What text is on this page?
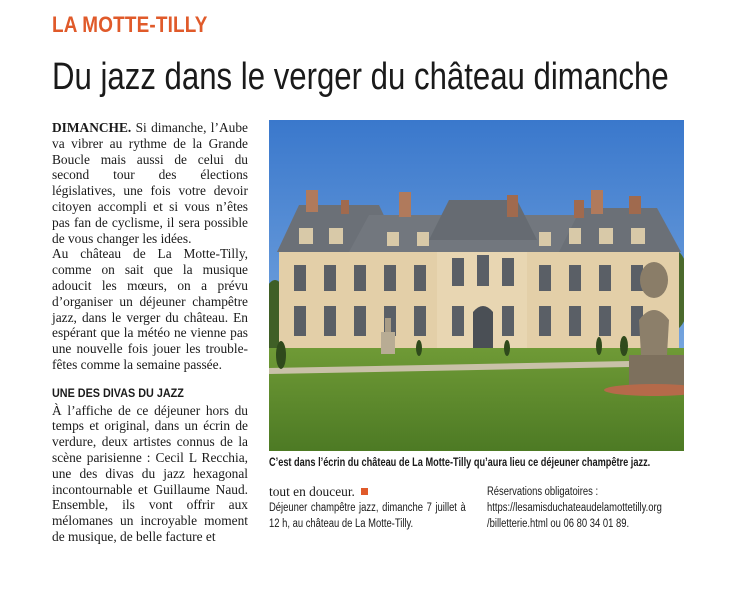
LA MOTTE-TILLY
Du jazz dans le verger du château dimanche

DIMANCHE. Si dimanche, l’Aube va vibrer au rythme de la Grande Boucle mais aussi de celui du second tour des élections législatives, une fois votre devoir citoyen accompli et si vous n’êtes pas fan de cyclisme, il sera possible de vous changer les idées.

Au château de La Motte-Tilly, comme on sait que la musique adoucit les mœurs, on a prévu d’organiser un déjeuner champêtre jazz, dans le verger du château. En espérant que la météo ne vienne pas une nouvelle fois jouer les trouble-fêtes comme la semaine passée.

UNE DES DIVAS DU JAZZ

À l’affiche de ce déjeuner hors du temps et original, dans un écrin de verdure, deux artistes connus de la scène parisienne : Cecil L Recchia, une des divas du jazz hexagonal incontournable et Guillaume Naud. Ensemble, ils vont offrir aux mélomanes un incroyable moment de musique, de belle facture et

C’est dans l’écrin du château de La Motte-Tilly qu’aura lieu ce déjeuner champêtre jazz.

tout en douceur.

Déjeuner champêtre jazz, dimanche 7 juillet à 12 h, au château de La Motte-Tilly.

Réservations obligatoires :
https://lesamisduchateaudelamottetilly.org
/billetterie.html ou 06 80 34 01 89.
